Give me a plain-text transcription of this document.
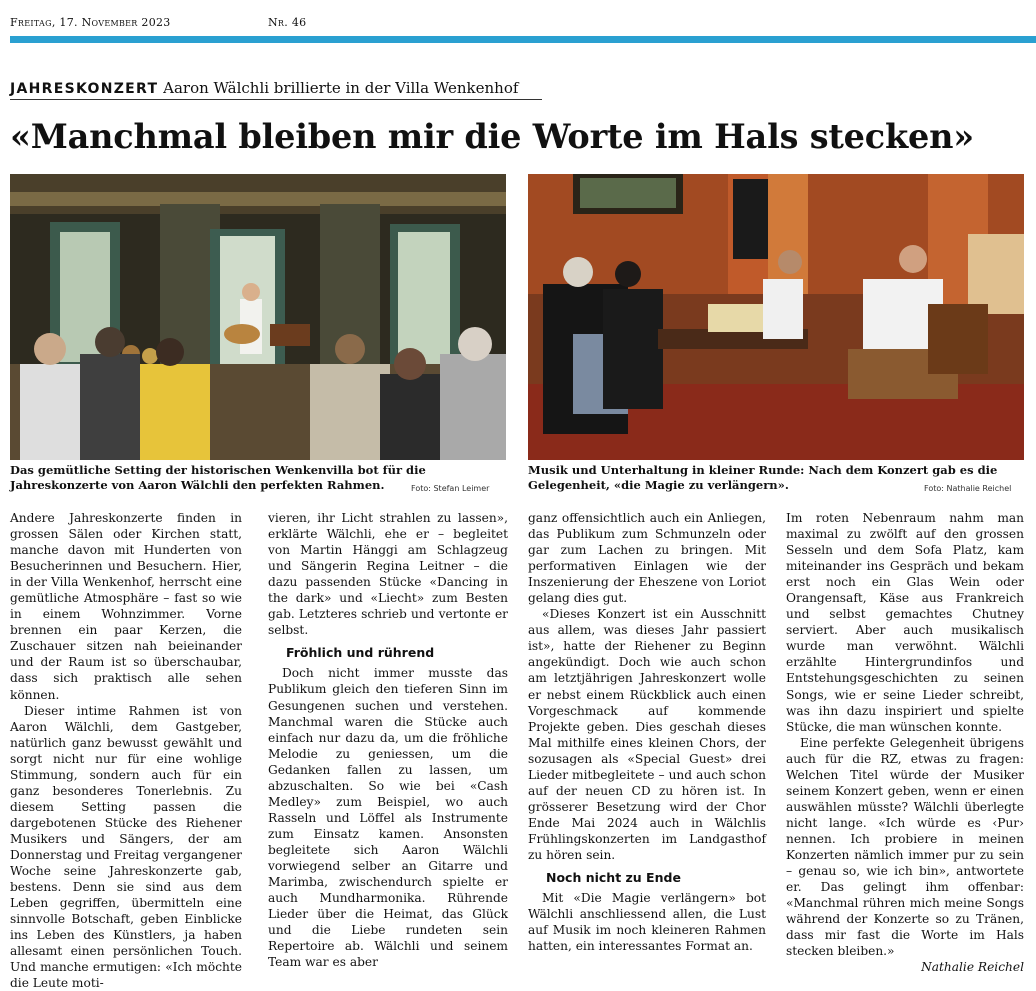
Freitag, 17. November 2023	Nr. 46
JAHRESKONZERT Aaron Wälchli brillierte in der Villa Wenkenhof
«Manchmal bleiben mir die Worte im Hals stecken»
Das gemütliche Setting der historischen Wenkenvilla bot für die Jahreskonzerte von Aaron Wälchli den perfekten Rahmen.	Foto: Stefan Leimer
Musik und Unterhaltung in kleiner Runde: Nach dem Konzert gab es die Gelegenheit, «die Magie zu verlängern».	Foto: Nathalie Reichel

Andere Jahreskonzerte finden in grossen Sälen oder Kirchen statt, manche davon mit Hunderten von Besucherinnen und Besuchern. Hier, in der Villa Wenkenhof, herrscht eine gemütliche Atmosphäre – fast so wie in einem Wohnzimmer. Vorne brennen ein paar Kerzen, die Zuschauer sitzen nah beieinander und der Raum ist so überschaubar, dass sich praktisch alle sehen können.

Dieser intime Rahmen ist von Aaron Wälchli, dem Gastgeber, natürlich ganz bewusst gewählt und sorgt nicht nur für eine wohlige Stimmung, sondern auch für ein ganz besonderes Tonerlebnis. Zu diesem Setting passen die dargebotenen Stücke des Riehener Musikers und Sängers, der am Donnerstag und Freitag vergangener Woche seine Jahreskonzerte gab, bestens. Denn sie sind aus dem Leben gegriffen, übermitteln eine sinnvolle Botschaft, geben Einblicke ins Leben des Künstlers, ja haben allesamt einen persönlichen Touch. Und manche ermutigen: «Ich möchte die Leute moti-

vieren, ihr Licht strahlen zu lassen», erklärte Wälchli, ehe er – begleitet von Martin Hänggi am Schlagzeug und Sängerin Regina Leitner – die dazu passenden Stücke «Dancing in the dark» und «Liecht» zum Besten gab. Letzteres schrieb und vertonte er selbst.

Fröhlich und rührend

Doch nicht immer musste das Publikum gleich den tieferen Sinn im Gesungenen suchen und verstehen. Manchmal waren die Stücke auch einfach nur dazu da, um die fröhliche Melodie zu geniessen, um die Gedanken fallen zu lassen, um abzuschalten. So wie bei «Cash Medley» zum Beispiel, wo auch Rasseln und Löffel als Instrumente zum Einsatz kamen. Ansonsten begleitete sich Aaron Wälchli vorwiegend selber an Gitarre und Marimba, zwischendurch spielte er auch Mundharmonika. Rührende Lieder über die Heimat, das Glück und die Liebe rundeten sein Repertoire ab. Wälchli und seinem Team war es aber

ganz offensichtlich auch ein Anliegen, das Publikum zum Schmunzeln oder gar zum Lachen zu bringen. Mit performativen Einlagen wie der Inszenierung der Eheszene von Loriot gelang dies gut.

«Dieses Konzert ist ein Ausschnitt aus allem, was dieses Jahr passiert ist», hatte der Riehener zu Beginn angekündigt. Doch wie auch schon am letztjährigen Jahreskonzert wolle er nebst einem Rückblick auch einen Vorgeschmack auf kommende Projekte geben. Dies geschah dieses Mal mithilfe eines kleinen Chors, der sozusagen als «Special Guest» drei Lieder mitbegleitete – und auch schon auf der neuen CD zu hören ist. In grösserer Besetzung wird der Chor Ende Mai 2024 auch in Wälchlis Frühlingskonzerten im Landgasthof zu hören sein.

Noch nicht zu Ende

Mit «Die Magie verlängern» bot Wälchli anschliessend allen, die Lust auf Musik im noch kleineren Rahmen hatten, ein interessantes Format an.

Im roten Nebenraum nahm man maximal zu zwölft auf den grossen Sesseln und dem Sofa Platz, kam miteinander ins Gespräch und bekam erst noch ein Glas Wein oder Orangensaft, Käse aus Frankreich und selbst gemachtes Chutney serviert. Aber auch musikalisch wurde man verwöhnt. Wälchli erzählte Hintergrundinfos und Entstehungsgeschichten zu seinen Songs, wie er seine Lieder schreibt, was ihn dazu inspiriert und spielte Stücke, die man wünschen konnte.

Eine perfekte Gelegenheit übrigens auch für die RZ, etwas zu fragen: Welchen Titel würde der Musiker seinem Konzert geben, wenn er einen auswählen müsste? Wälchli überlegte nicht lange. «Ich würde es ‹Pur› nennen. Ich probiere in meinen Konzerten nämlich immer pur zu sein – genau so, wie ich bin», antwortete er. Das gelingt ihm offenbar: «Manchmal rühren mich meine Songs während der Konzerte so zu Tränen, dass mir fast die Worte im Hals stecken bleiben.»

Nathalie Reichel
